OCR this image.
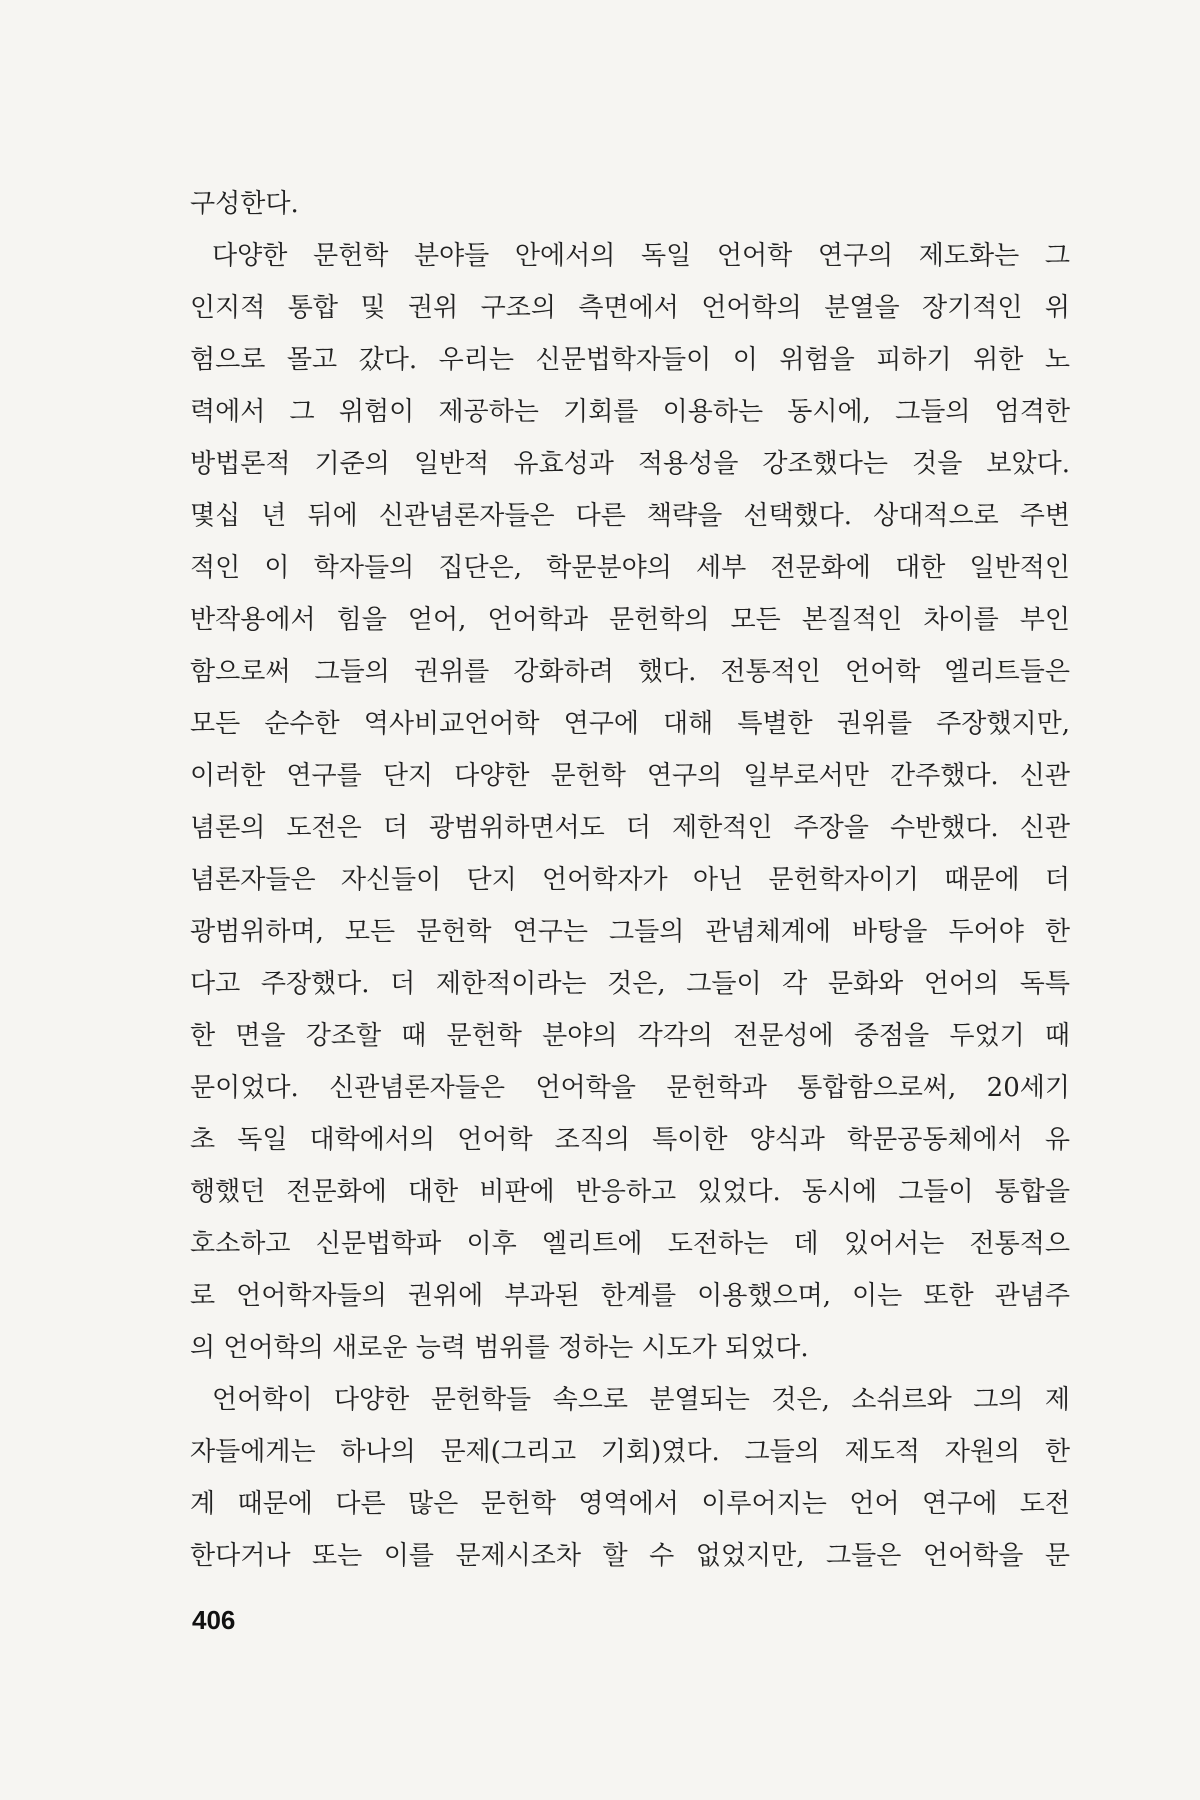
구성한다.
다양한 문헌학 분야들 안에서의 독일 언어학 연구의 제도화는 그
인지적 통합 및 권위 구조의 측면에서 언어학의 분열을 장기적인 위
험으로 몰고 갔다. 우리는 신문법학자들이 이 위험을 피하기 위한 노
력에서 그 위험이 제공하는 기회를 이용하는 동시에, 그들의 엄격한
방법론적 기준의 일반적 유효성과 적용성을 강조했다는 것을 보았다.
몇십 년 뒤에 신관념론자들은 다른 책략을 선택했다. 상대적으로 주변
적인 이 학자들의 집단은, 학문분야의 세부 전문화에 대한 일반적인
반작용에서 힘을 얻어, 언어학과 문헌학의 모든 본질적인 차이를 부인
함으로써 그들의 권위를 강화하려 했다. 전통적인 언어학 엘리트들은
모든 순수한 역사비교언어학 연구에 대해 특별한 권위를 주장했지만,
이러한 연구를 단지 다양한 문헌학 연구의 일부로서만 간주했다. 신관
념론의 도전은 더 광범위하면서도 더 제한적인 주장을 수반했다. 신관
념론자들은 자신들이 단지 언어학자가 아닌 문헌학자이기 때문에 더
광범위하며, 모든 문헌학 연구는 그들의 관념체계에 바탕을 두어야 한
다고 주장했다. 더 제한적이라는 것은, 그들이 각 문화와 언어의 독특
한 면을 강조할 때 문헌학 분야의 각각의 전문성에 중점을 두었기 때
문이었다. 신관념론자들은 언어학을 문헌학과 통합함으로써, 20세기
초 독일 대학에서의 언어학 조직의 특이한 양식과 학문공동체에서 유
행했던 전문화에 대한 비판에 반응하고 있었다. 동시에 그들이 통합을
호소하고 신문법학파 이후 엘리트에 도전하는 데 있어서는 전통적으
로 언어학자들의 권위에 부과된 한계를 이용했으며, 이는 또한 관념주
의 언어학의 새로운 능력 범위를 정하는 시도가 되었다.
언어학이 다양한 문헌학들 속으로 분열되는 것은, 소쉬르와 그의 제
자들에게는 하나의 문제(그리고 기회)였다. 그들의 제도적 자원의 한
계 때문에 다른 많은 문헌학 영역에서 이루어지는 언어 연구에 도전
한다거나 또는 이를 문제시조차 할 수 없었지만, 그들은 언어학을 문
406
